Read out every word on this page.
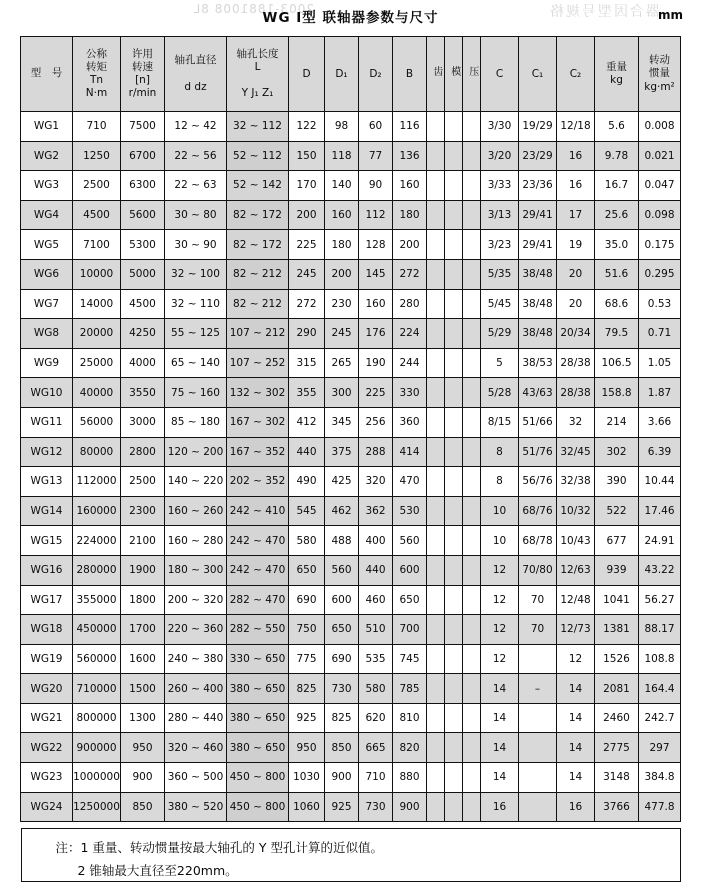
2003-1881008 8L	器合因型号规格
WG Ⅰ型 联轴器参数与尺寸	mm
型　号	公称
转矩
Tn
N·m	许用
转速
[n]
r/min	轴孔直径
d dz	轴孔长度
L
Y J₁ Z₁	D	D₁	D₂	B	齿	模	压	C	C₁	C₂	重量
kg	转动
惯量
kg·m²

WG1	710	7500	12 ~ 42	32 ~ 112	122	98	60	116				3/30	19/29	12/18	5.6	0.008
WG2	1250	6700	22 ~ 56	52 ~ 112	150	118	77	136				3/20	23/29	16	9.78	0.021
WG3	2500	6300	22 ~ 63	52 ~ 142	170	140	90	160				3/33	23/36	16	16.7	0.047
WG4	4500	5600	30 ~ 80	82 ~ 172	200	160	112	180				3/13	29/41	17	25.6	0.098
WG5	7100	5300	30 ~ 90	82 ~ 172	225	180	128	200				3/23	29/41	19	35.0	0.175
WG6	10000	5000	32 ~ 100	82 ~ 212	245	200	145	272				5/35	38/48	20	51.6	0.295
WG7	14000	4500	32 ~ 110	82 ~ 212	272	230	160	280				5/45	38/48	20	68.6	0.53
WG8	20000	4250	55 ~ 125	107 ~ 212	290	245	176	224				5/29	38/48	20/34	79.5	0.71
WG9	25000	4000	65 ~ 140	107 ~ 252	315	265	190	244				5	38/53	28/38	106.5	1.05
WG10	40000	3550	75 ~ 160	132 ~ 302	355	300	225	330				5/28	43/63	28/38	158.8	1.87
WG11	56000	3000	85 ~ 180	167 ~ 302	412	345	256	360				8/15	51/66	32	214	3.66
WG12	80000	2800	120 ~ 200	167 ~ 352	440	375	288	414				8	51/76	32/45	302	6.39
WG13	112000	2500	140 ~ 220	202 ~ 352	490	425	320	470				8	56/76	32/38	390	10.44
WG14	160000	2300	160 ~ 260	242 ~ 410	545	462	362	530				10	68/76	10/32	522	17.46
WG15	224000	2100	160 ~ 280	242 ~ 470	580	488	400	560				10	68/78	10/43	677	24.91
WG16	280000	1900	180 ~ 300	242 ~ 470	650	560	440	600				12	70/80	12/63	939	43.22
WG17	355000	1800	200 ~ 320	282 ~ 470	690	600	460	650				12	70	12/48	1041	56.27
WG18	450000	1700	220 ~ 360	282 ~ 550	750	650	510	700				12	70	12/73	1381	88.17
WG19	560000	1600	240 ~ 380	330 ~ 650	775	690	535	745				12		12	1526	108.8
WG20	710000	1500	260 ~ 400	380 ~ 650	825	730	580	785				14	–	14	2081	164.4
WG21	800000	1300	280 ~ 440	380 ~ 650	925	825	620	810				14		14	2460	242.7
WG22	900000	950	320 ~ 460	380 ~ 650	950	850	665	820				14		14	2775	297
WG23	1000000	900	360 ~ 500	450 ~ 800	1030	900	710	880				14		14	3148	384.8
WG24	1250000	850	380 ~ 520	450 ~ 800	1060	925	730	900				16		16	3766	477.8
注：1 重量、转动惯量按最大轴孔的 Y 型孔计算的近似值。
2 锥轴最大直径至220mm。
